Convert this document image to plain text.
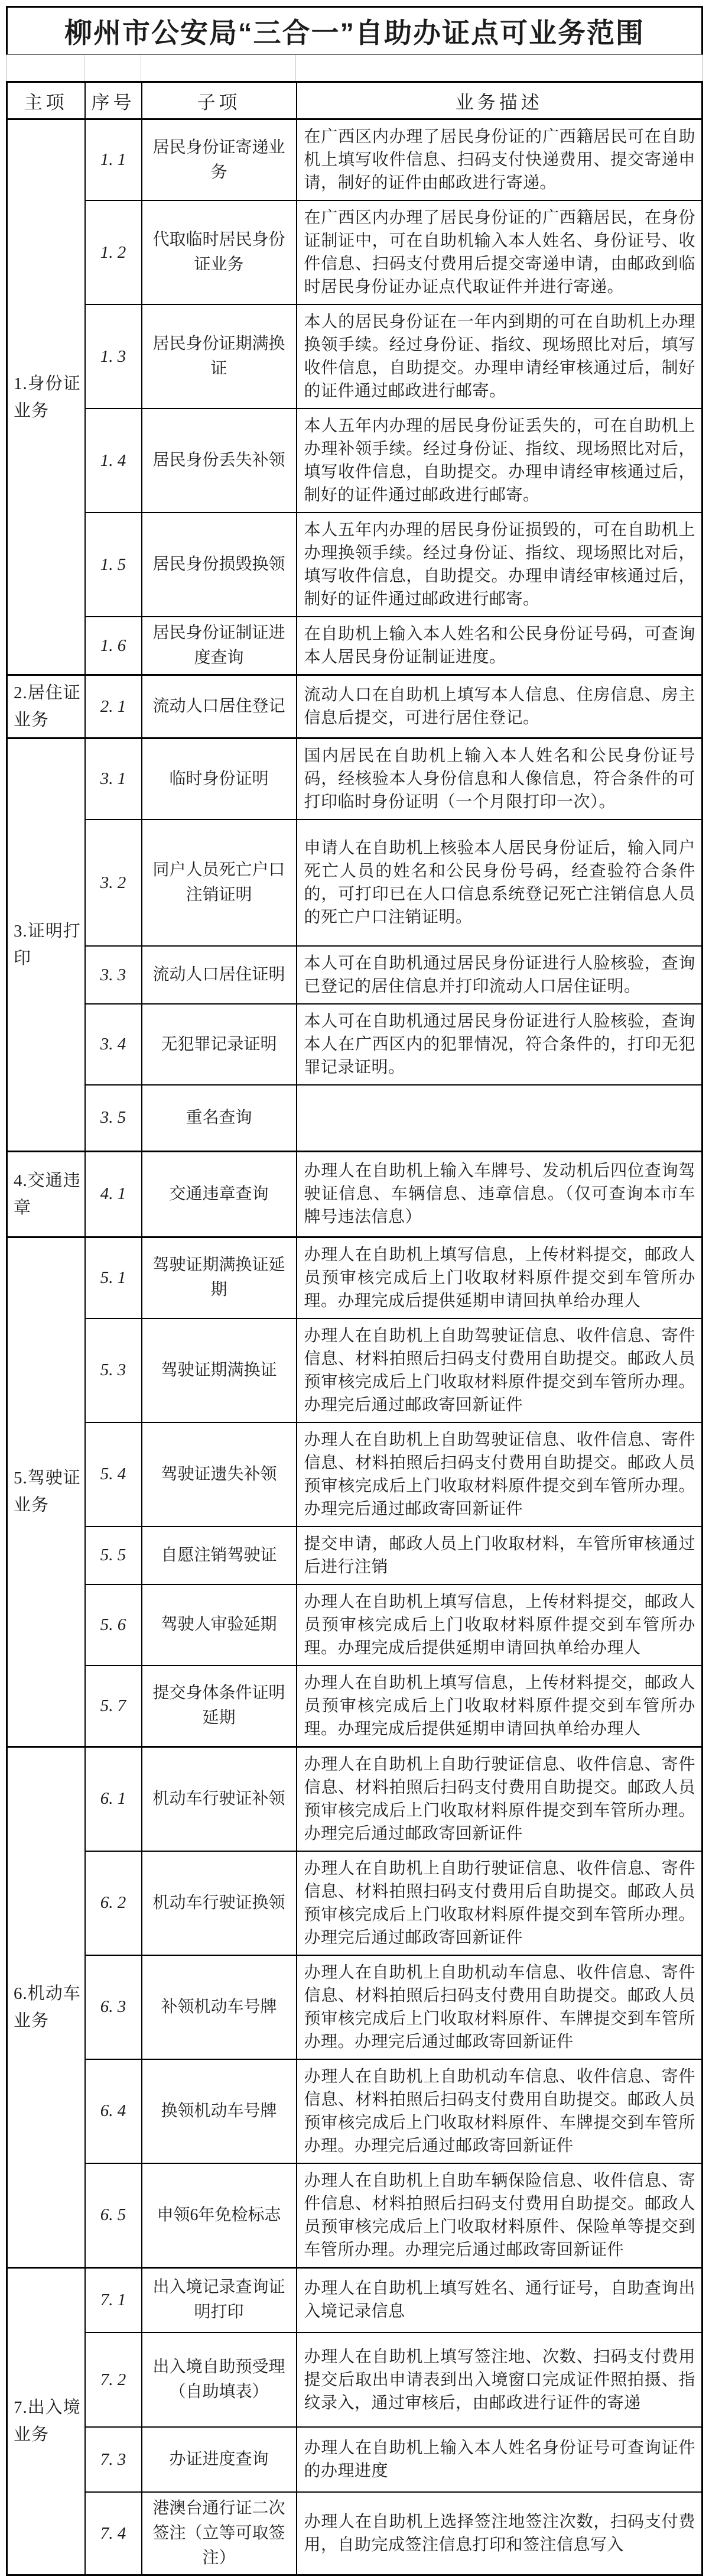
柳州市公安局“三合一”自助办证点可业务范围
主项	序号	子项	业务描述
1.身份证业务	1. 1	居民身份证寄递业务	在广西区内办理了居民身份证的广西籍居民可在自助机上填写收件信息、扫码支付快递费用、提交寄递申请，制好的证件由邮政进行寄递。
	1. 2	代取临时居民身份证业务	在广西区内办理了居民身份证的广西籍居民，在身份证制证中，可在自助机输入本人姓名、身份证号、收件信息、扫码支付费用后提交寄递申请，由邮政到临时居民身份证办证点代取证件并进行寄递。
	1. 3	居民身份证期满换证	本人的居民身份证在一年内到期的可在自助机上办理换领手续。经过身份证、指纹、现场照比对后，填写收件信息，自助提交。办理申请经审核通过后，制好的证件通过邮政进行邮寄。
	1. 4	居民身份丢失补领	本人五年内办理的居民身份证丢失的，可在自助机上办理补领手续。经过身份证、指纹、现场照比对后，填写收件信息，自助提交。办理申请经审核通过后，制好的证件通过邮政进行邮寄。
	1. 5	居民身份损毁换领	本人五年内办理的居民身份证损毁的，可在自助机上办理换领手续。经过身份证、指纹、现场照比对后，填写收件信息，自助提交。办理申请经审核通过后，制好的证件通过邮政进行邮寄。
	1. 6	居民身份证制证进度查询	在自助机上输入本人姓名和公民身份证号码，可查询本人居民身份证制证进度。
2.居住证业务	2. 1	流动人口居住登记	流动人口在自助机上填写本人信息、住房信息、房主信息后提交，可进行居住登记。
3.证明打印	3. 1	临时身份证明	国内居民在自助机上输入本人姓名和公民身份证号码，经核验本人身份信息和人像信息，符合条件的可打印临时身份证明（一个月限打印一次）。
	3. 2	同户人员死亡户口注销证明	申请人在自助机上核验本人居民身份证后，输入同户死亡人员的姓名和公民身份号码，经查验符合条件的，可打印已在人口信息系统登记死亡注销信息人员的死亡户口注销证明。
	3. 3	流动人口居住证明	本人可在自助机通过居民身份证进行人脸核验，查询已登记的居住信息并打印流动人口居住证明。
	3. 4	无犯罪记录证明	本人可在自助机通过居民身份证进行人脸核验，查询本人在广西区内的犯罪情况，符合条件的，打印无犯罪记录证明。
	3. 5	重名查询	
4.交通违章	4. 1	交通违章查询	办理人在自助机上输入车牌号、发动机后四位查询驾驶证信息、车辆信息、违章信息。（仅可查询本市车牌号违法信息）
5.驾驶证业务	5. 1	驾驶证期满换证延期	办理人在自助机上填写信息，上传材料提交，邮政人员预审核完成后上门收取材料原件提交到车管所办理。办理完成后提供延期申请回执单给办理人
	5. 3	驾驶证期满换证	办理人在自助机上自助驾驶证信息、收件信息、寄件信息、材料拍照后扫码支付费用自助提交。邮政人员预审核完成后上门收取材料原件提交到车管所办理。办理完后通过邮政寄回新证件
	5. 4	驾驶证遗失补领	办理人在自助机上自助驾驶证信息、收件信息、寄件信息、材料拍照后扫码支付费用自助提交。邮政人员预审核完成后上门收取材料原件提交到车管所办理。办理完后通过邮政寄回新证件
	5. 5	自愿注销驾驶证	提交申请，邮政人员上门收取材料，车管所审核通过后进行注销
	5. 6	驾驶人审验延期	办理人在自助机上填写信息，上传材料提交，邮政人员预审核完成后上门收取材料原件提交到车管所办理。办理完成后提供延期申请回执单给办理人
	5. 7	提交身体条件证明延期	办理人在自助机上填写信息，上传材料提交，邮政人员预审核完成后上门收取材料原件提交到车管所办理。办理完成后提供延期申请回执单给办理人
6.机动车业务	6. 1	机动车行驶证补领	办理人在自助机上自助行驶证信息、收件信息、寄件信息、材料拍照后扫码支付费用自助提交。邮政人员预审核完成后上门收取材料原件提交到车管所办理。办理完后通过邮政寄回新证件
	6. 2	机动车行驶证换领	办理人在自助机上自助行驶证信息、收件信息、寄件信息、材料拍照扫码支付费用后自助提交。邮政人员预审核完成后上门收取材料原件提交到车管所办理。办理完后通过邮政寄回新证件
	6. 3	补领机动车号牌	办理人在自助机上自助机动车信息、收件信息、寄件信息、材料拍照后扫码支付费用自助提交。邮政人员预审核完成后上门收取材料原件、车牌提交到车管所办理。办理完后通过邮政寄回新证件
	6. 4	换领机动车号牌	办理人在自助机上自助机动车信息、收件信息、寄件信息、材料拍照后扫码支付费用自助提交。邮政人员预审核完成后上门收取材料原件、车牌提交到车管所办理。办理完后通过邮政寄回新证件
	6. 5	申领6年免检标志	办理人在自助机上自助车辆保险信息、收件信息、寄件信息、材料拍照后扫码支付费用自助提交。邮政人员预审核完成后上门收取材料原件、保险单等提交到车管所办理。办理完后通过邮政寄回新证件
7.出入境业务	7. 1	出入境记录查询证明打印	办理人在自助机上填写姓名、通行证号，自助查询出入境记录信息
	7. 2	出入境自助预受理（自助填表）	办理人在自助机上填写签注地、次数、扫码支付费用提交后取出申请表到出入境窗口完成证件照拍摄、指纹录入，通过审核后，由邮政进行证件的寄递
	7. 3	办证进度查询	办理人在自助机上输入本人姓名身份证号可查询证件的办理进度
	7. 4	港澳台通行证二次签注（立等可取签注）	办理人在自助机上选择签注地签注次数，扫码支付费用，自助完成签注信息打印和签注信息写入
